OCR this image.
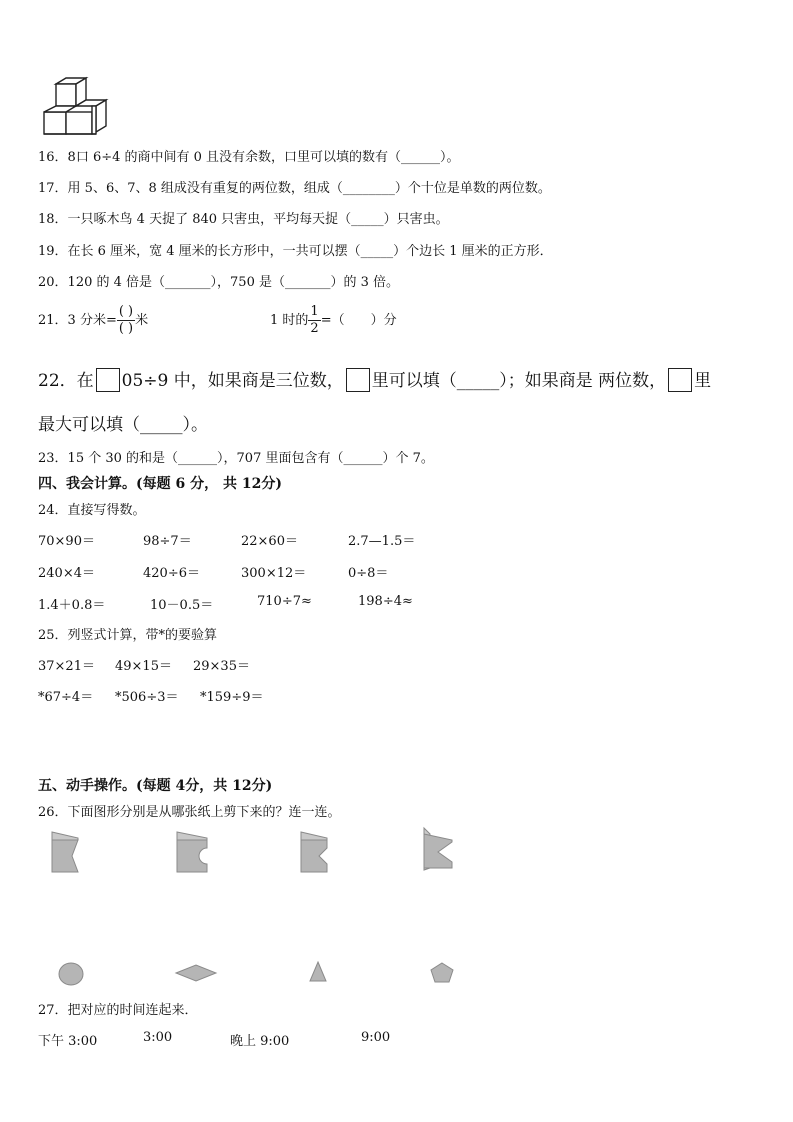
16．8口 6÷4 的商中间有 0 且没有余数，口里可以填的数有（______）。
17．用 5、6、7、8 组成没有重复的两位数，组成（________）个十位是单数的两位数。
18．一只啄木鸟 4 天捉了 840 只害虫，平均每天捉（_____）只害虫。
19．在长 6 厘米，宽 4 厘米的长方形中，一共可以摆（_____）个边长 1 厘米的正方形．
20．120 的 4 倍是（_______），750 是（_______）的 3 倍。
21．3 分米= $\frac{( )}{( )}$ 米	1 时的 $\frac{1}{2}$ =（　　）分
22．在 05÷9 中，如果商是三位数， 里可以填（_____）；如果商是 两位数， 里
最大可以填（_____）。
23．15 个 30 的和是（______），707 里面包含有（______）个 7。
四、我会计算。(每题 6 分， 共 12分)
24．直接写得数。
70×90＝	98÷7＝	22×60＝	2.7—1.5＝
240×4＝	420÷6＝	300×12＝	0÷8＝
1.4＋0.8＝	10－0.5＝	710÷7≈	198÷4≈
25．列竖式计算，带*的要验算
37×21＝ 49×15＝ 29×35＝
*67÷4＝ *506÷3＝ *159÷9＝
五、动手操作。(每题 4分，共 12分)
26．下面图形分别是从哪张纸上剪下来的？连一连。
27．把对应的时间连起来．
下午 3:00	3:00	晚上 9:00	9:00
